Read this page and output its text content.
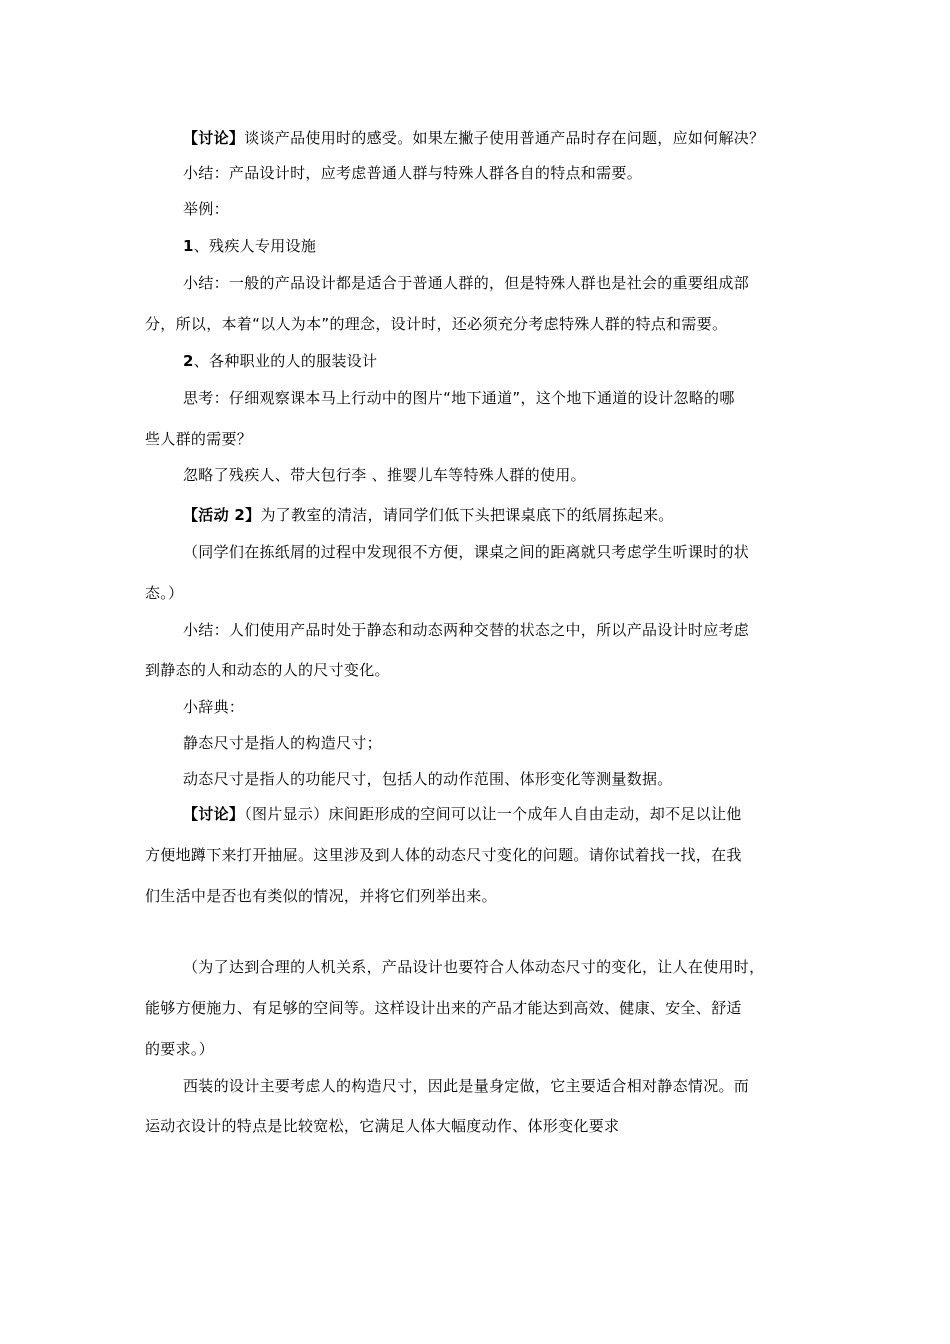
【讨论】谈谈产品使用时的感受。如果左撇子使用普通产品时存在问题，应如何解决？
小结：产品设计时，应考虑普通人群与特殊人群各自的特点和需要。
举例：
1、残疾人专用设施
小结：一般的产品设计都是适合于普通人群的，但是特殊人群也是社会的重要组成部
分，所以，本着“以人为本”的理念，设计时，还必须充分考虑特殊人群的特点和需要。
2、各种职业的人的服装设计
思考：仔细观察课本马上行动中的图片“地下通道”，这个地下通道的设计忽略的哪
些人群的需要？
忽略了残疾人、带大包行李 、推婴儿车等特殊人群的使用。
【活动 2】为了教室的清洁，请同学们低下头把课桌底下的纸屑拣起来。
（同学们在拣纸屑的过程中发现很不方便，课桌之间的距离就只考虑学生听课时的状
态。）
小结：人们使用产品时处于静态和动态两种交替的状态之中，所以产品设计时应考虑
到静态的人和动态的人的尺寸变化。
小辞典：
静态尺寸是指人的构造尺寸；
动态尺寸是指人的功能尺寸，包括人的动作范围、体形变化等测量数据。
【讨论】（图片显示）床间距形成的空间可以让一个成年人自由走动，却不足以让他
方便地蹲下来打开抽屉。这里涉及到人体的动态尺寸变化的问题。请你试着找一找，在我
们生活中是否也有类似的情况，并将它们列举出来。
（为了达到合理的人机关系，产品设计也要符合人体动态尺寸的变化，让人在使用时，
能够方便施力、有足够的空间等。这样设计出来的产品才能达到高效、健康、安全、舒适
的要求。）
西装的设计主要考虑人的构造尺寸，因此是量身定做，它主要适合相对静态情况。而
运动衣设计的特点是比较宽松，它满足人体大幅度动作、体形变化要求
